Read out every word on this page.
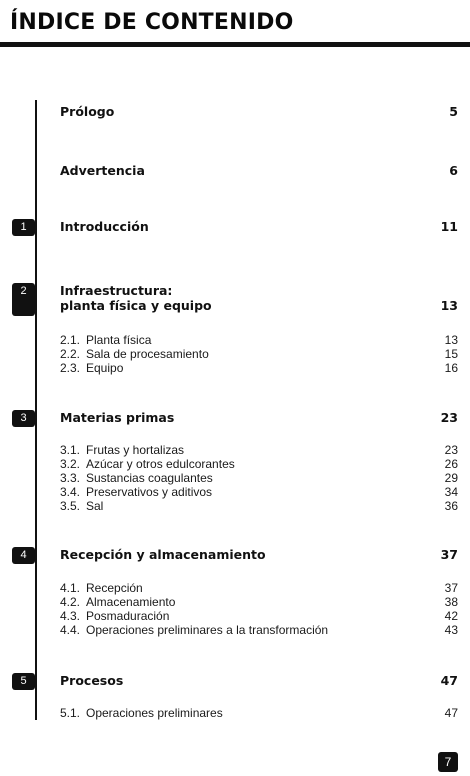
ÍNDICE DE CONTENIDO
Prólogo	5
Advertencia	6
1	Introducción	11
2	Infraestructura:
planta física y equipo	13
2.1. Planta física	13
2.2. Sala de procesamiento	15
2.3. Equipo	16
3	Materias primas	23
3.1. Frutas y hortalizas	23
3.2. Azúcar y otros edulcorantes	26
3.3. Sustancias coagulantes	29
3.4. Preservativos y aditivos	34
3.5. Sal	36
4	Recepción y almacenamiento	37
4.1. Recepción	37
4.2. Almacenamiento	38
4.3. Posmaduración	42
4.4. Operaciones preliminares a la transformación	43
5	Procesos	47
5.1. Operaciones preliminares	47
7
